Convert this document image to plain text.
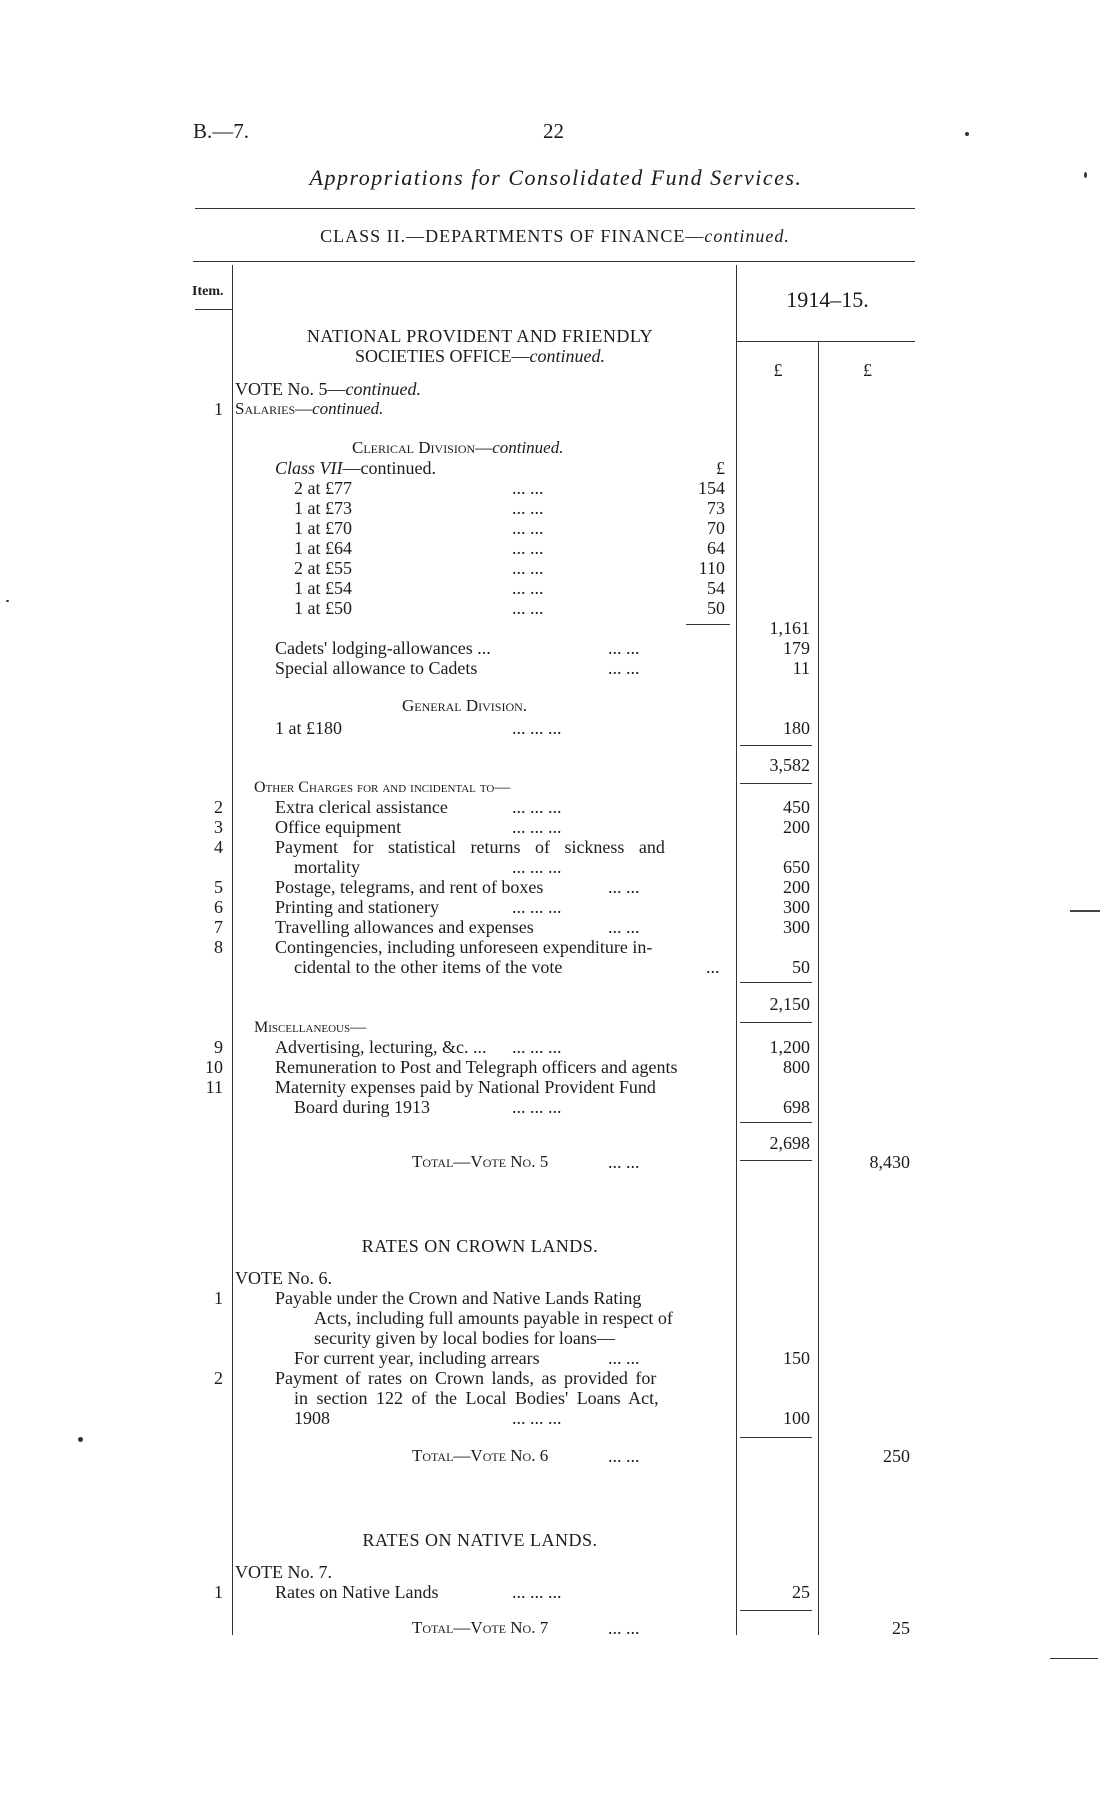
B.—7.	22
Appropriations for Consolidated Fund Services.
CLASS II.—DEPARTMENTS OF FINANCE—continued.
Item.	1914–15.
£	£
NATIONAL PROVIDENT AND FRIENDLY
SOCIETIES OFFICE—continued.
VOTE No. 5—continued.
1 Salaries—continued.
Clerical Division—continued.
Class VII—continued.	£
2 at £77	... ...	154
1 at £73	... ...	73
1 at £70	... ...	70
1 at £64	... ...	64
2 at £55	... ...	110
1 at £54	... ...	54
1 at £50	... ...	50
1,161
Cadets' lodging-allowances ...	... ...	179
Special allowance to Cadets	... ...	11
General Division.
1 at £180	... ... ...	180
3,582
Other Charges for and incidental to—
2	Extra clerical assistance	... ... ...	450
3	Office equipment	... ... ...	200
4	Payment for statistical returns of sickness and
mortality	... ... ...	650
5	Postage, telegrams, and rent of boxes	... ...	200
6	Printing and stationery	... ... ...	300
7	Travelling allowances and expenses	... ...	300
8	Contingencies, including unforeseen expenditure in-
cidental to the other items of the vote	...	50
2,150
Miscellaneous—
9	Advertising, lecturing, &c. ... ... ... ...	1,200
10	Remuneration to Post and Telegraph officers and agents	800
11	Maternity expenses paid by National Provident Fund
Board during 1913	... ... ...	698
2,698
Total—Vote No. 5	... ...	8,430
RATES ON CROWN LANDS.
VOTE No. 6.
1	Payable under the Crown and Native Lands Rating
Acts, including full amounts payable in respect of
security given by local bodies for loans—
For current year, including arrears	... ...	150
2	Payment of rates on Crown lands, as provided for
in section 122 of the Local Bodies' Loans Act,
1908	... ... ...	100
Total—Vote No. 6	... ...	250
RATES ON NATIVE LANDS.
VOTE No. 7.
1	Rates on Native Lands	... ... ...	25
Total—Vote No. 7	... ...	25
